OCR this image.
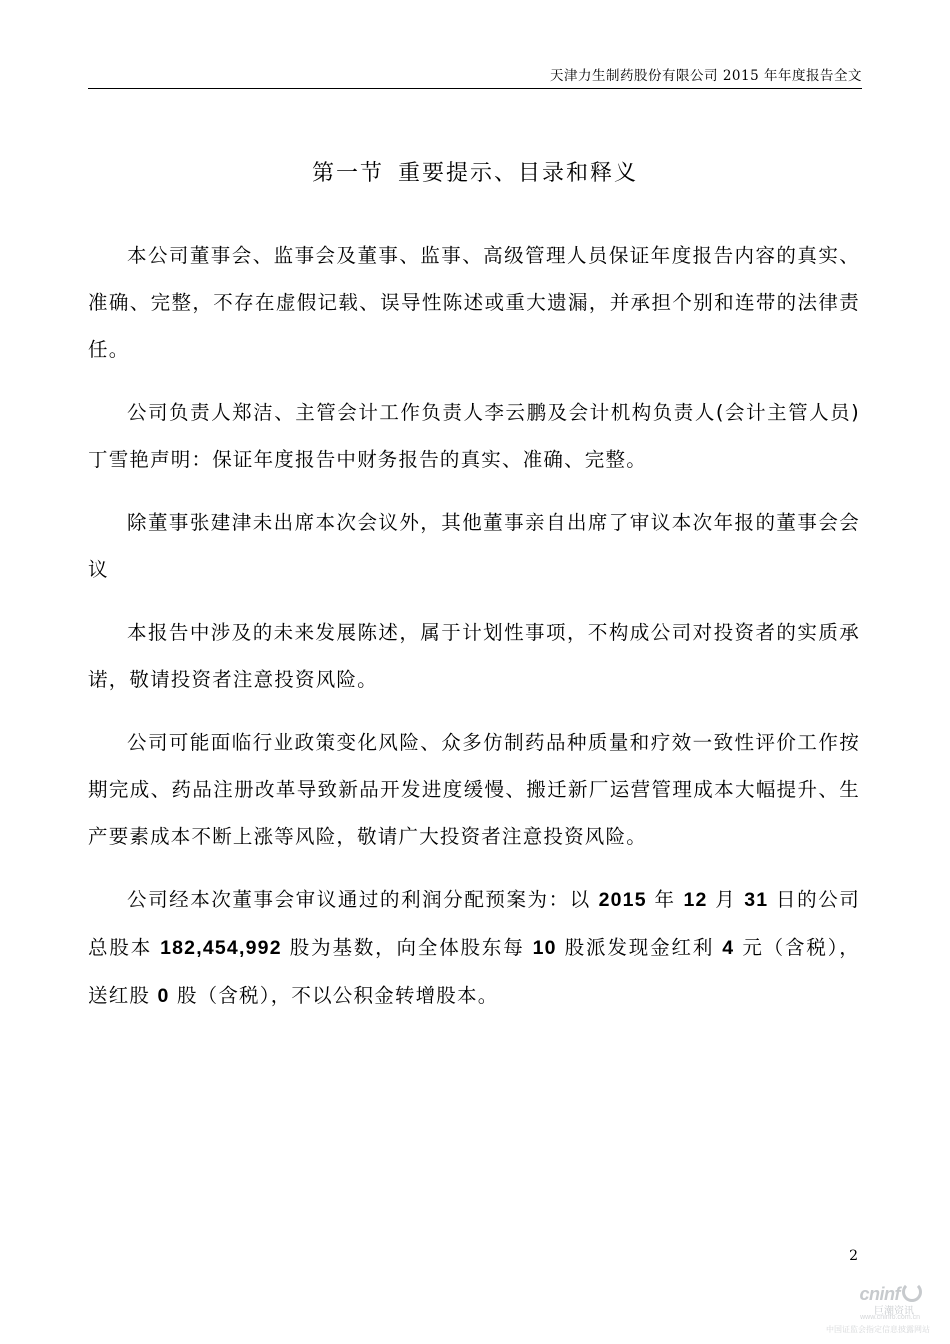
天津力生制药股份有限公司 2015 年年度报告全文
第一节 重要提示、目录和释义

本公司董事会、监事会及董事、监事、高级管理人员保证年度报告内容的真实、准确、完整，不存在虚假记载、误导性陈述或重大遗漏，并承担个别和连带的法律责任。

公司负责人郑洁、主管会计工作负责人李云鹏及会计机构负责人(会计主管人员)丁雪艳声明：保证年度报告中财务报告的真实、准确、完整。

除董事张建津未出席本次会议外，其他董事亲自出席了审议本次年报的董事会会议

本报告中涉及的未来发展陈述，属于计划性事项，不构成公司对投资者的实质承诺，敬请投资者注意投资风险。

公司可能面临行业政策变化风险、众多仿制药品种质量和疗效一致性评价工作按期完成、药品注册改革导致新品开发进度缓慢、搬迁新厂运营管理成本大幅提升、生产要素成本不断上涨等风险，敬请广大投资者注意投资风险。

公司经本次董事会审议通过的利润分配预案为：以 2015 年 12 月 31 日的公司总股本 182,454,992 股为基数，向全体股东每 10 股派发现金红利 4 元（含税），送红股 0 股（含税），不以公积金转增股本。

2
cninf
巨潮资讯
www.cninfo.com.cn
中国证监会指定信息披露网站
